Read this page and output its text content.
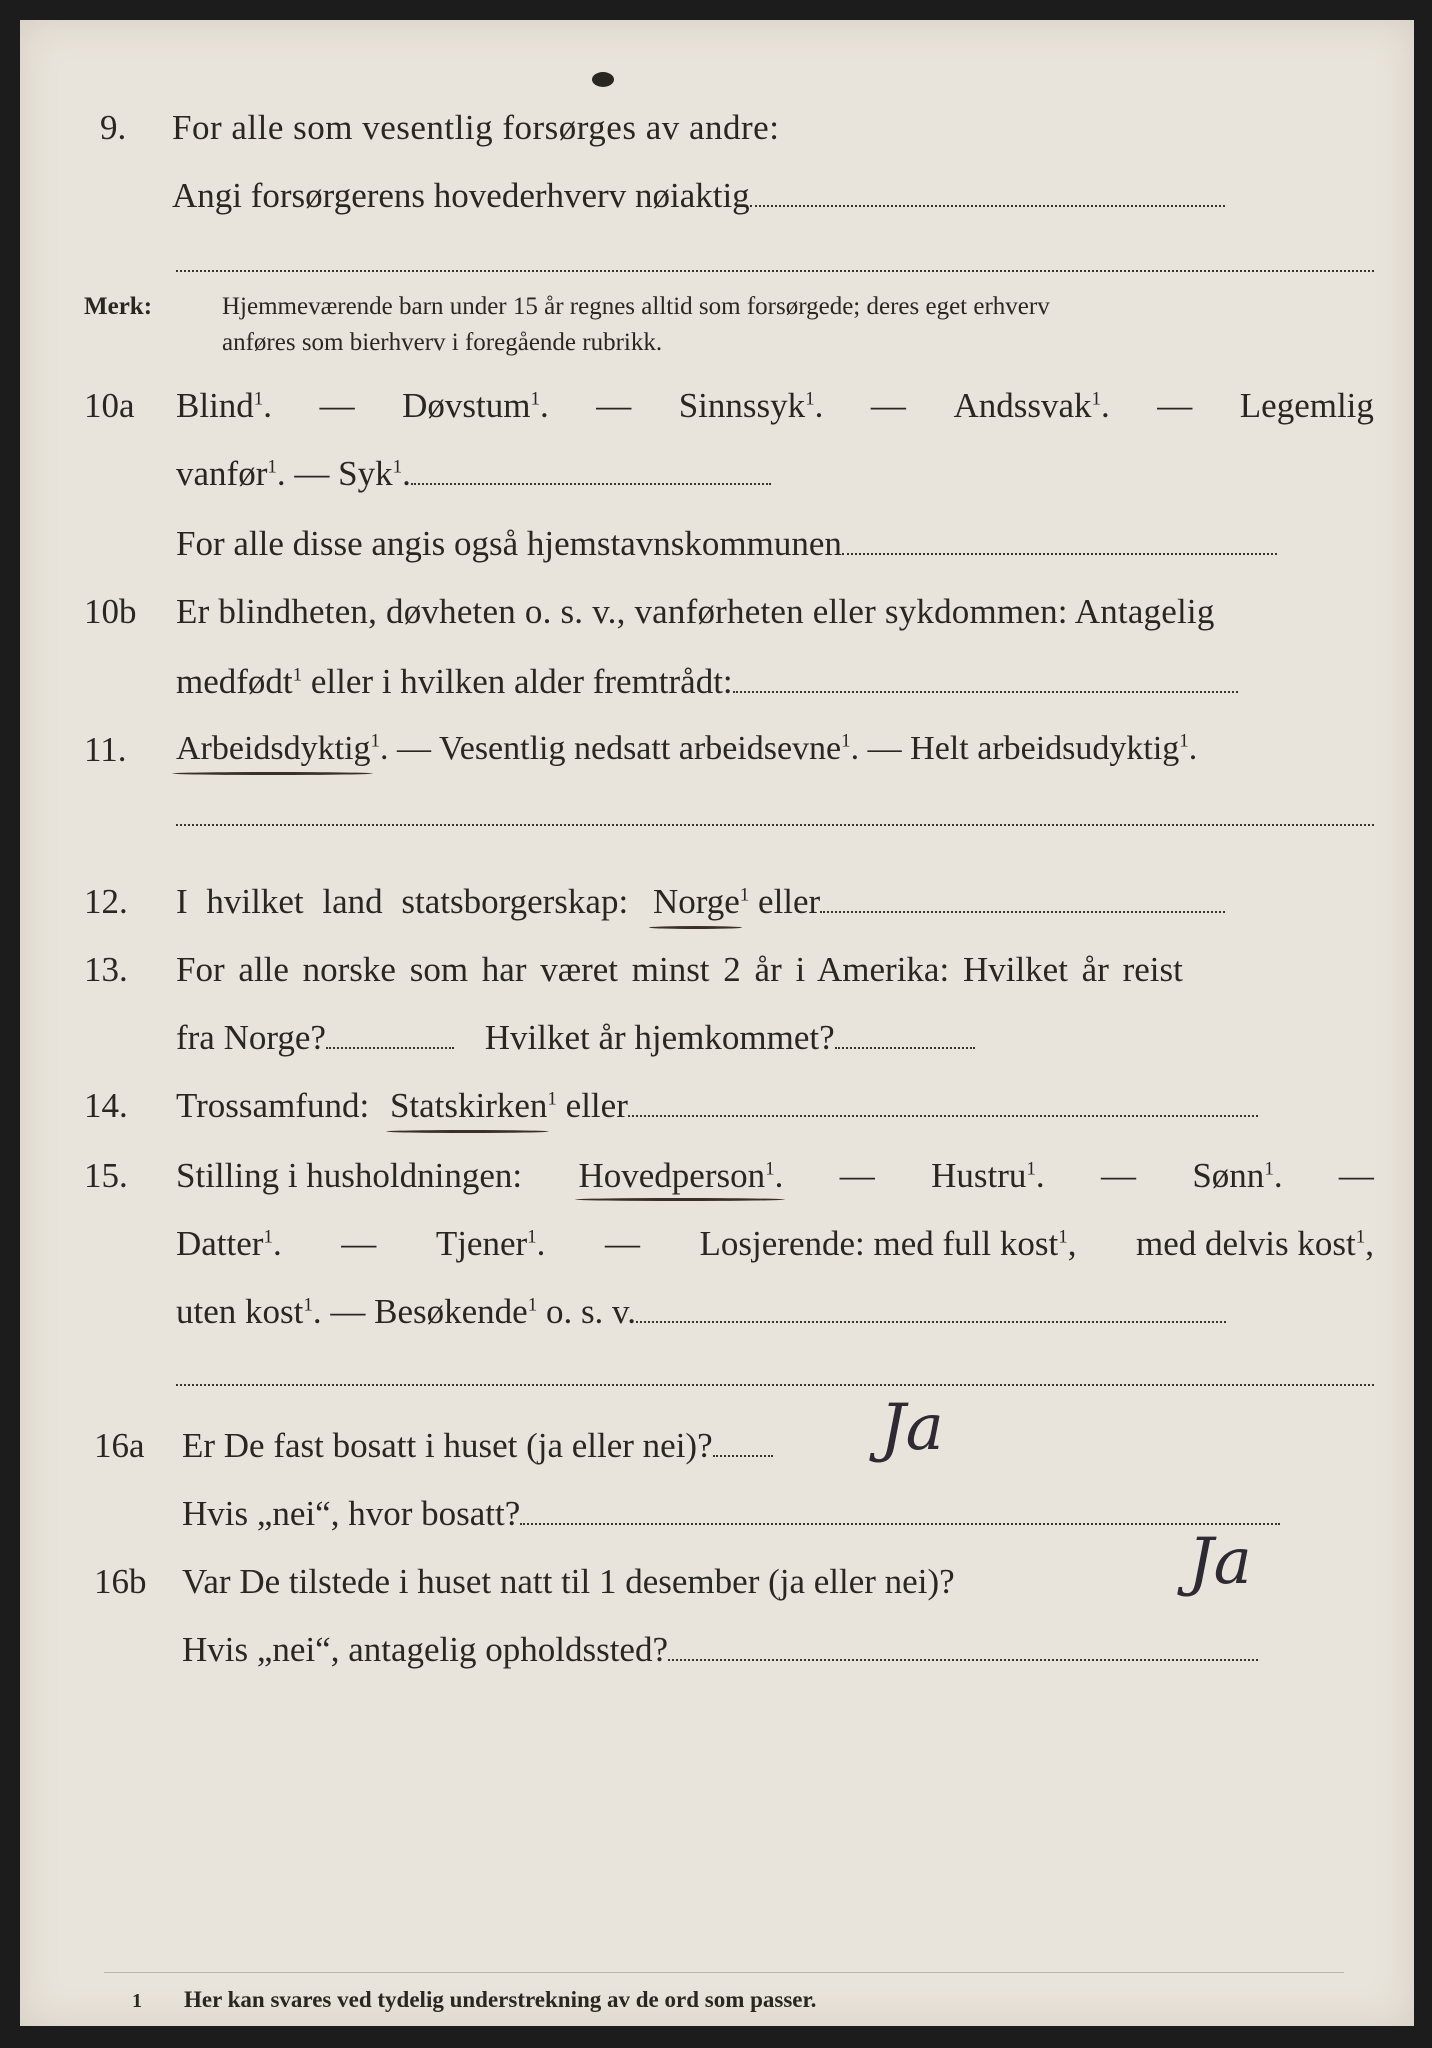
9. For alle som vesentlig forsørges av andre:
Angi forsørgerens hovederhverv nøiaktig
Merk:	Hjemmeværende barn under 15 år regnes alltid som forsørgede; deres eget erhverv
anføres som bierhverv i foregående rubrikk.
10a Blind$^1$. — Døvstum$^1$. — Sinnssyk$^1$. — Andssvak$^1$. — Legemlig
vanfør$^1$. — Syk$^1$.
For alle disse angis også hjemstavnskommunen
10b Er blindheten, døvheten o. s. v., vanførheten eller sykdommen: Antagelig
medfødt$^1$ eller i hvilken alder fremtrådt:
11. Arbeidsdyktig$^1$. — Vesentlig nedsatt arbeidsevne$^1$. — Helt arbeidsudyktig$^1$.
12. I hvilket land statsborgerskap: Norge$^1$ eller
13. For alle norske som har været minst 2 år i Amerika: Hvilket år reist
fra Norge?	Hvilket år hjemkommet?
14. Trossamfund: Statskirken$^1$ eller
15. Stilling i husholdningen: Hovedperson$^1$. — Hustru$^1$. — Sønn$^1$. —
Datter$^1$. — Tjener$^1$. — Losjerende: med full kost$^1$, med delvis kost$^1$,
uten kost$^1$. — Besøkende$^1$ o. s. v.
16a Er De fast bosatt i huset (ja eller nei)?	Ja
Hvis „nei“, hvor bosatt?
16b Var De tilstede i huset natt til 1 desember (ja eller nei)?	Ja
Hvis „nei“, antagelig opholdssted?
1 Her kan svares ved tydelig understrekning av de ord som passer.
